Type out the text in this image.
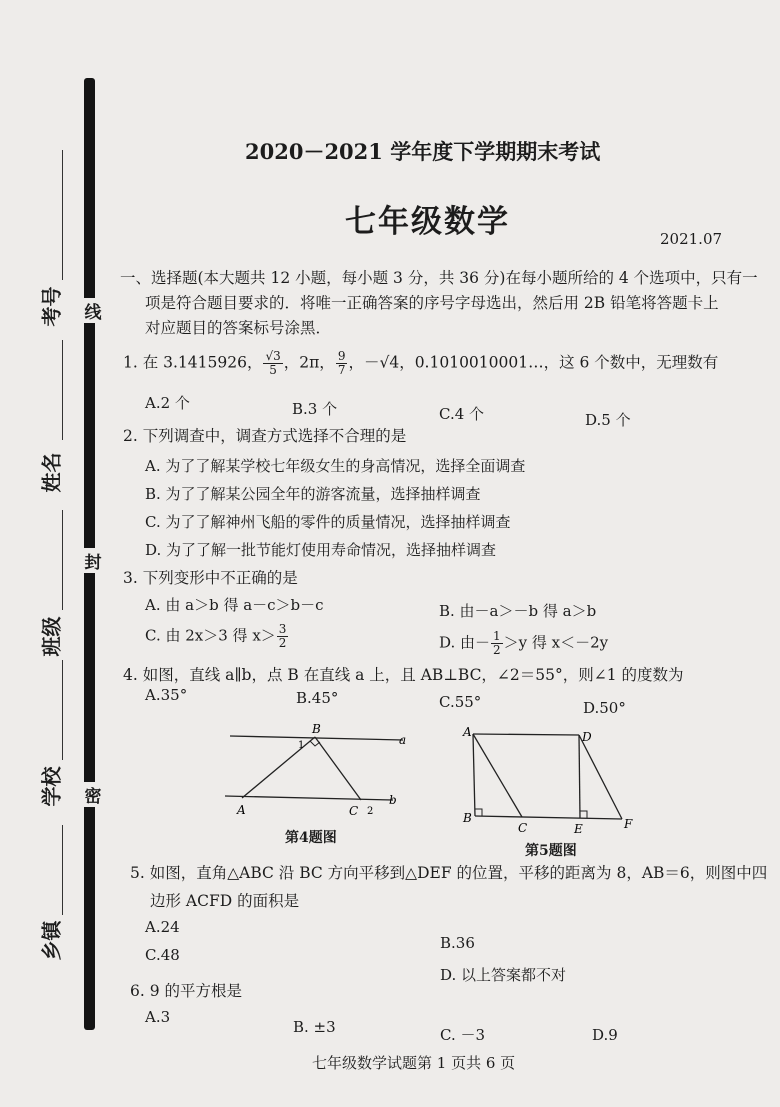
线
封
密
考号
姓名
班级
学校
乡镇
2020－2021 学年度下学期期末考试
七年级数学	2021.07
一、选择题(本大题共 12 小题，每小题 3 分，共 36 分)在每小题所给的 4 个选项中，只有一
项是符合题目要求的．将唯一正确答案的序号字母选出，然后用 2B 铅笔将答题卡上
对应题目的答案标号涂黑．
1. 在 3.1415926， $\frac{√3}{5}$ ，2π， $\frac{9}{7}$ ，－√4，0.1010010001…，这 6 个数中，无理数有
A.2 个	B.3 个	C.4 个	D.5 个
2. 下列调查中，调查方式选择不合理的是
A. 为了了解某学校七年级女生的身高情况，选择全面调查
B. 为了了解某公园全年的游客流量，选择抽样调查
C. 为了了解神州飞船的零件的质量情况，选择抽样调查
D. 为了了解一批节能灯使用寿命情况，选择抽样调查
3. 下列变形中不正确的是
A. 由 a＞b 得 a－c＞b－c	B. 由－a＞－b 得 a＞b
C. 由 2x＞3 得 $x> \frac{3}{2}$	D. 由－ $\frac{1}{2} >y$ 得 x＜－2y
4. 如图，直线 a∥b，点 B 在直线 a 上，且 AB⊥BC，∠2＝55°，则∠1 的度数为
A.35°	B.45°	C.55°	D.50°
B
a
b
A	C
1
2
第4题图
A	D
B
C	E	F
第5题图
5. 如图，直角△ABC 沿 BC 方向平移到△DEF 的位置，平移的距离为 8，AB＝6，则图中四
边形 ACFD 的面积是
A.24
B.36
C.48
D. 以上答案都不对
6. 9 的平方根是
A.3
B. ±3	C. －3	D.9
七年级数学试题第 1 页共 6 页
